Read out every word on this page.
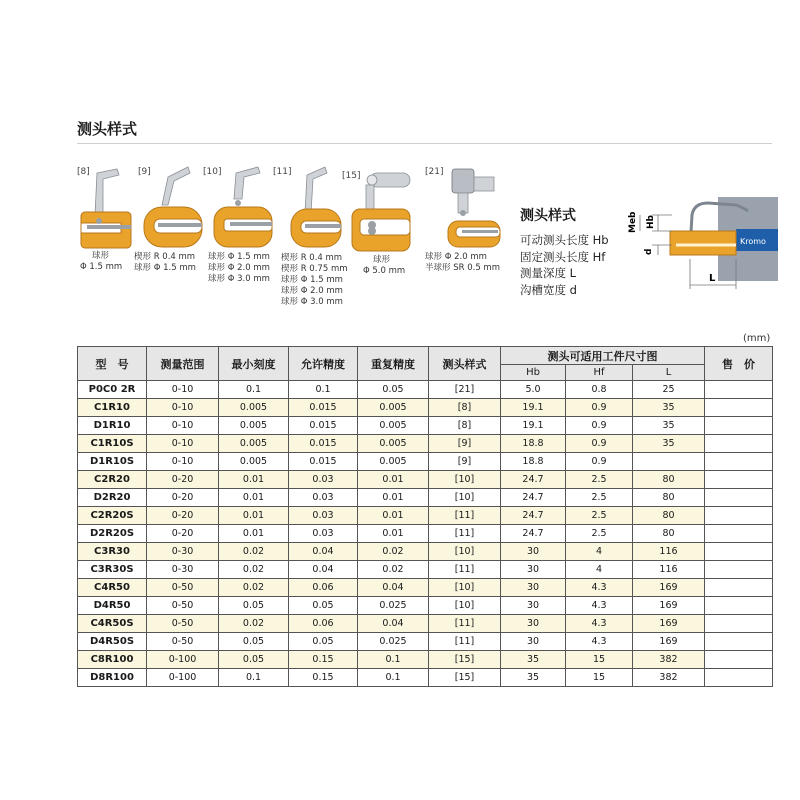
测头样式
[8]
球形
Φ 1.5 mm
[9]
楔形 R 0.4 mm
球形 Φ 1.5 mm
[10]
球形 Φ 1.5 mm
球形 Φ 2.0 mm
球形 Φ 3.0 mm
[11]
楔形 R 0.4 mm
楔形 R 0.75 mm
球形 Φ 1.5 mm
球形 Φ 2.0 mm
球形 Φ 3.0 mm
[15]
球形
Φ 5.0 mm
[21]
球形 Φ 2.0 mm
半球形 SR 0.5 mm
测头样式
可动测头长度 Hb
固定测头长度 Hf
测量深度 L
沟槽宽度 d
Kromo
Meb Hb
d
L
(mm)
型　号	测量范围	最小刻度	允许精度	重复精度	测头样式	测头可适用工件尺寸图			售　价
						Hb	Hf	L	
P0C0 2R	0-10	0.1	0.1	0.05	[21]	5.0	0.8	25	
C1R10	0-10	0.005	0.015	0.005	[8]	19.1	0.9	35	
D1R10	0-10	0.005	0.015	0.005	[8]	19.1	0.9	35	
C1R10S	0-10	0.005	0.015	0.005	[9]	18.8	0.9	35	
D1R10S	0-10	0.005	0.015	0.005	[9]	18.8	0.9		
C2R20	0-20	0.01	0.03	0.01	[10]	24.7	2.5	80	
D2R20	0-20	0.01	0.03	0.01	[10]	24.7	2.5	80	
C2R20S	0-20	0.01	0.03	0.01	[11]	24.7	2.5	80	
D2R20S	0-20	0.01	0.03	0.01	[11]	24.7	2.5	80	
C3R30	0-30	0.02	0.04	0.02	[10]	30	4	116	
C3R30S	0-30	0.02	0.04	0.02	[11]	30	4	116	
C4R50	0-50	0.02	0.06	0.04	[10]	30	4.3	169	
D4R50	0-50	0.05	0.05	0.025	[10]	30	4.3	169	
C4R50S	0-50	0.02	0.06	0.04	[11]	30	4.3	169	
D4R50S	0-50	0.05	0.05	0.025	[11]	30	4.3	169	
C8R100	0-100	0.05	0.15	0.1	[15]	35	15	382	
D8R100	0-100	0.1	0.15	0.1	[15]	35	15	382	
